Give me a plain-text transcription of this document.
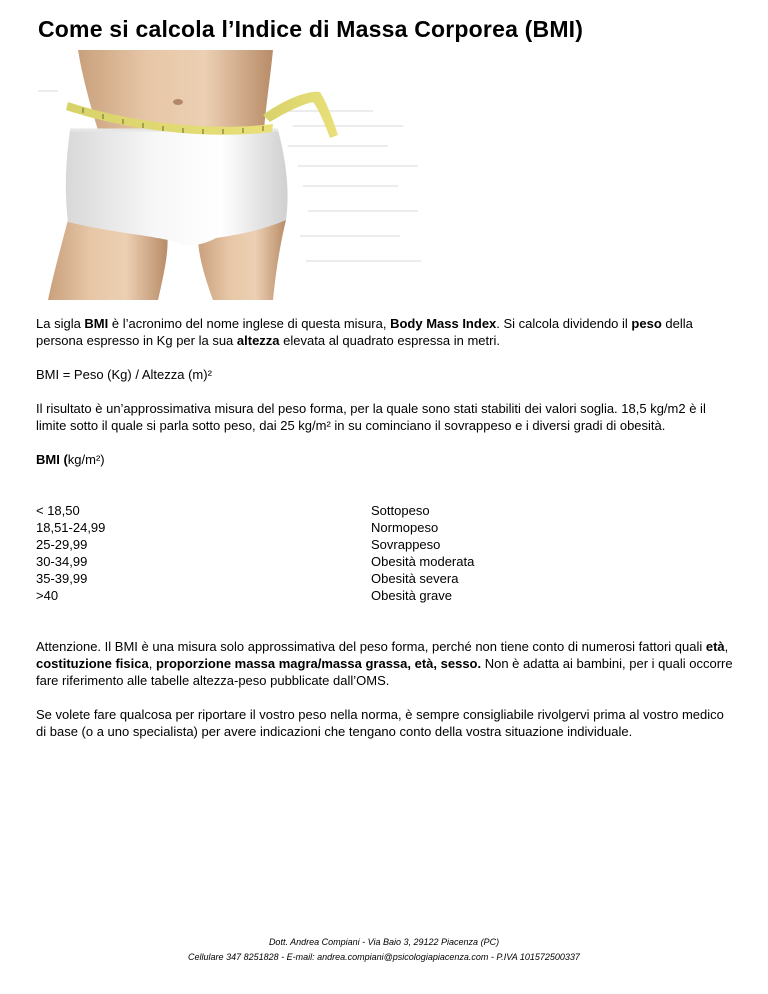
Come si calcola l’Indice di Massa Corporea (BMI)

La sigla BMI è l’acronimo del nome inglese di questa misura, Body Mass Index. Si calcola dividendo il peso della persona espresso in Kg per la sua altezza elevata al quadrato espressa in metri.

BMI = Peso (Kg) / Altezza (m)²

Il risultato è un’approssimativa misura del peso forma, per la quale sono stati stabiliti dei valori soglia. 18,5 kg/m2 è il limite sotto il quale si parla sotto peso, dai 25 kg/m² in su cominciano il sovrappeso e i diversi gradi di obesità.

BMI (kg/m²)

< 18,50	Sottopeso
18,51-24,99	Normopeso
25-29,99	Sovrappeso
30-34,99	Obesità moderata
35-39,99	Obesità severa
>40	Obesità grave

Attenzione. Il BMI è una misura solo approssimativa del peso forma, perché non tiene conto di numerosi fattori quali età, costituzione fisica, proporzione massa magra/massa grassa, età, sesso. Non è adatta ai bambini, per i quali occorre fare riferimento alle tabelle altezza-peso pubblicate dall’OMS.

Se volete fare qualcosa per riportare il vostro peso nella norma, è sempre consigliabile rivolgervi prima al vostro medico di base (o a uno specialista) per avere indicazioni che tengano conto della vostra situazione individuale.

Dott. Andrea Compiani - Via Baio 3, 29122 Piacenza (PC)
Cellulare 347 8251828 - E-mail: andrea.compiani@psicologiapiacenza.com - P.IVA 101572500337
